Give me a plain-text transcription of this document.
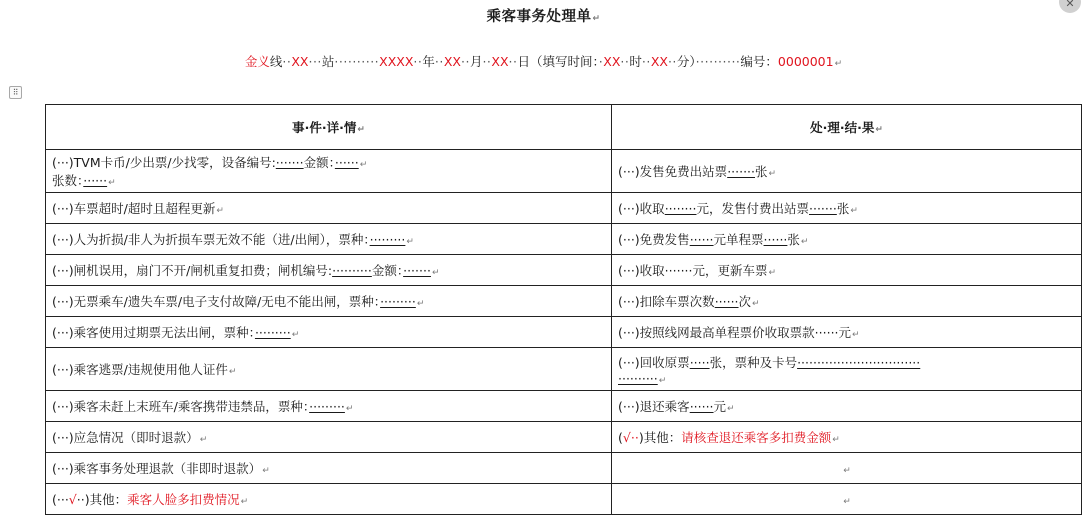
乘客事务处理单↵
✕
金义线··XX···站··········XXXX··年··XX··月··XX··日（填写时间：·XX··时··XX··分）··········编号：0000001↵
⠿
事·件·详·情↵	处·理·结·果↵

(···)TVM卡币/少出票/少找零，设备编号:·······金额：······↵
张数：······↵	(···)发售免费出站票·······张↵
(···)车票超时/超时且超程更新↵	(···)收取········元，发售付费出站票·······张↵
(···)人为折损/非人为折损车票无效不能（进/出闸），票种：·········↵	(···)免费发售······元单程票······张↵
(···)闸机误用，扇门不开/闸机重复扣费；闸机编号:··········金额：·······↵	(···)收取·······元，更新车票↵
(···)无票乘车/遗失车票/电子支付故障/无电不能出闸，票种：·········↵	(···)扣除车票次数······次↵
(···)乘客使用过期票无法出闸，票种：·········↵	(···)按照线网最高单程票价收取票款······元↵
(···)乘客逃票/违规使用他人证件↵	(···)回收原票·····张，票种及卡号·······························
··········↵

(···)乘客未赶上末班车/乘客携带违禁品，票种：·········↵	(···)退还乘客······元↵
(···)应急情况（即时退款）↵	(√··)其他：请核查退还乘客多扣费金额↵
(···)乘客事务处理退款（非即时退款）↵	↵
(···√··)其他：乘客人脸多扣费情况↵	↵
